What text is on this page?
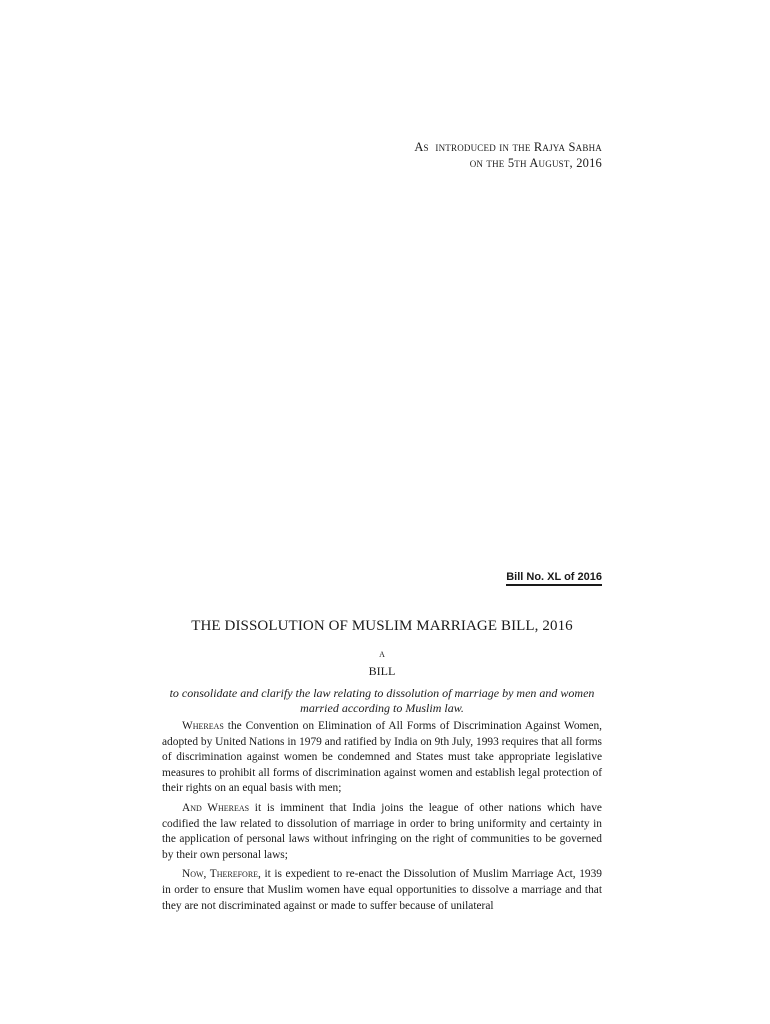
As introduced in the Rajya Sabha
on the 5th August, 2016
Bill No. XL of 2016
THE DISSOLUTION OF MUSLIM MARRIAGE BILL, 2016
A
BILL
to consolidate and clarify the law relating to dissolution of marriage by men and women married according to Muslim law.

Whereas the Convention on Elimination of All Forms of Discrimination Against Women, adopted by United Nations in 1979 and ratified by India on 9th July, 1993 requires that all forms of discrimination against women be condemned and States must take appropriate legislative measures to prohibit all forms of discrimination against women and establish legal protection of their rights on an equal basis with men;

And Whereas it is imminent that India joins the league of other nations which have codified the law related to dissolution of marriage in order to bring uniformity and certainty in the application of personal laws without infringing on the right of communities to be governed by their own personal laws;

Now, Therefore, it is expedient to re-enact the Dissolution of Muslim Marriage Act, 1939 in order to ensure that Muslim women have equal opportunities to dissolve a marriage and that they are not discriminated against or made to suffer because of unilateral
